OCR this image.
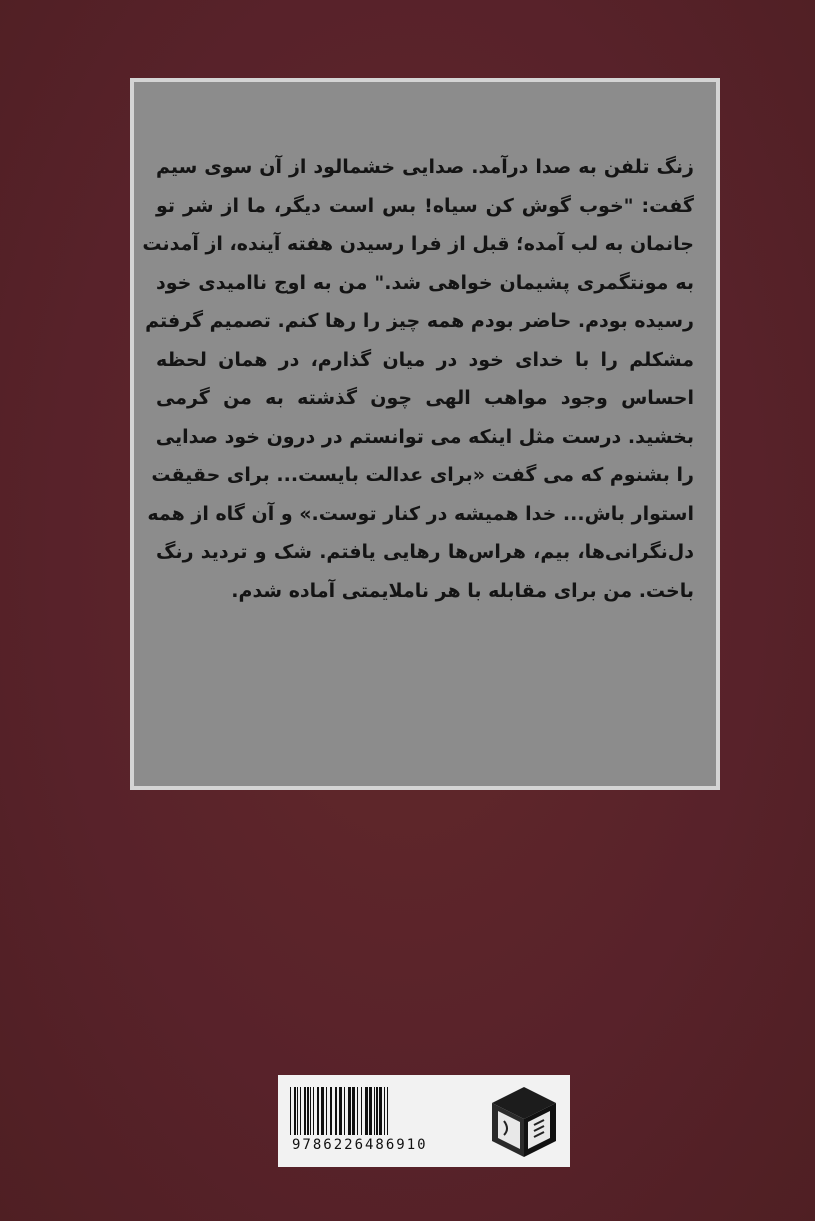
زنگ تلفن به صدا درآمد. صدایی خشمالود از آن سوی سیم
گفت: "خوب گوش کن سیاه! بس است دیگر، ما از شر تو
جانمان به لب آمده؛ قبل از فرا رسیدن هفته آینده، از آمدنت
به مونتگمری پشیمان خواهی شد." من به اوج ناامیدی خود
رسیده بودم. حاضر بودم همه چیز را رها کنم. تصمیم گرفتم
مشکلم را با خدای خود در میان گذارم، در همان لحظه
احساس وجود مواهب الهی چون گذشته به من گرمی
بخشید. درست مثل اینکه می توانستم در درون خود صدایی
را بشنوم که می گفت «برای عدالت بایست... برای حقیقت
استوار باش... خدا همیشه در کنار توست.» و آن گاه از همه
دل‌نگرانی‌ها، بیم، هراس‌ها رهایی یافتم. شک و تردید رنگ
باخت. من برای مقابله با هر ناملایمتی آماده شدم.
9786226486910
